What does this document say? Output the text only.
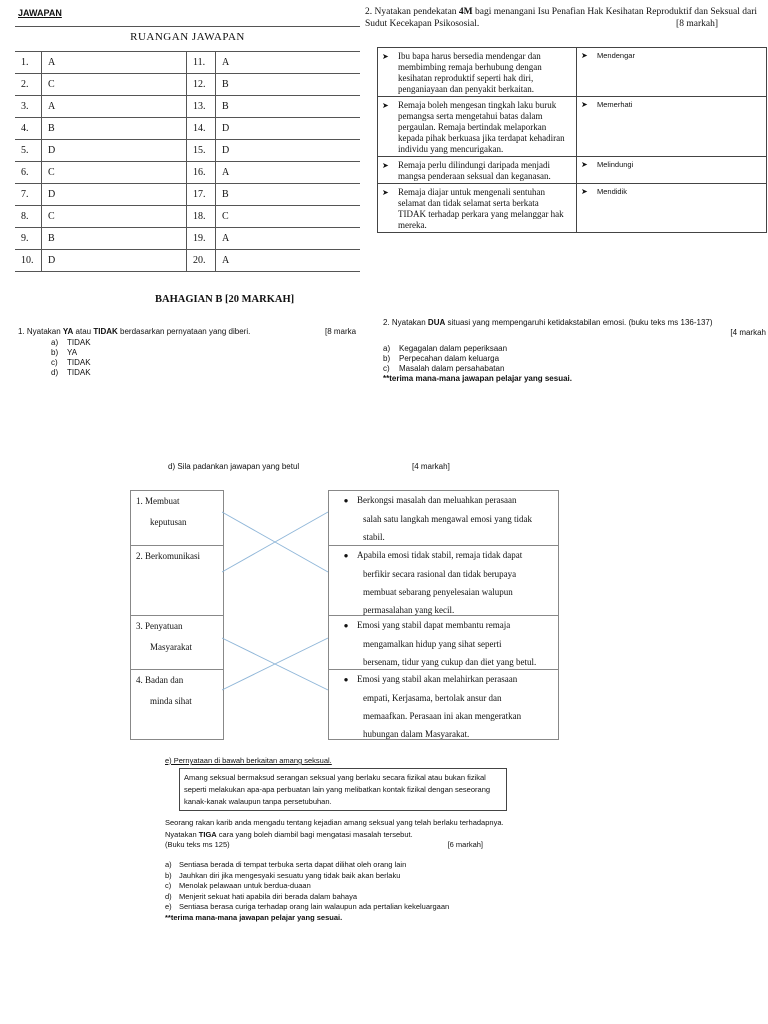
JAWAPAN
RUANGAN JAWAPAN
1.	A	11.	A
2.	C	12.	B
3.	A	13.	B
4.	B	14.	D
5.	D	15.	D
6.	C	16.	A
7.	D	17.	B
8.	C	18.	C
9.	B	19.	A
10.	D	20.	A
BAHAGIAN B [20 MARKAH]
1. Nyatakan YA atau TIDAK berdasarkan pernyataan yang diberi.	[8 marka
a) TIDAK
b) YA
c) TIDAK
d) TIDAK
2. Nyatakan pendekatan 4M bagi menangani Isu Penafian Hak Kesihatan Reproduktif dan Seksual dari Sudut Kecekapan Psikososial.	[8 markah]
➤ Ibu bapa harus bersedia mendengar dan membimbing remaja berhubung dengan kesihatan reproduktif seperti hak diri, penganiayaan dan penyakit berkaitan.	➤ Mendengar
➤ Remaja boleh mengesan tingkah laku buruk pemangsa serta mengetahui batas dalam pergaulan. Remaja bertindak melaporkan kepada pihak berkuasa jika terdapat kehadiran individu yang mencurigakan.	➤ Memerhati
➤ Remaja perlu dilindungi daripada menjadi mangsa penderaan seksual dan keganasan.	➤ Melindungi
➤ Remaja diajar untuk mengenali sentuhan selamat dan tidak selamat serta berkata TIDAK terhadap perkara yang melanggar hak mereka.	➤ Mendidik
2. Nyatakan DUA situasi yang mempengaruhi ketidakstabilan emosi. (buku teks ms 136-137)
[4 markah
a) Kegagalan dalam peperiksaan
b) Perpecahan dalam keluarga
c) Masalah dalam persahabatan
**terima mana-mana jawapan pelajar yang sesuai.
d) Sila padankan jawapan yang betul	[4 markah]
1. Membuat
keputusan
2. Berkomunikasi
3. Penyatuan
Masyarakat
4. Badan dan
minda sihat
● Berkongsi masalah dan meluahkan perasaan
salah satu langkah mengawal emosi yang tidak
stabil.
● Apabila emosi tidak stabil, remaja tidak dapat
berfikir secara rasional dan tidak berupaya
membuat sebarang penyelesaian walupun
permasalahan yang kecil.
● Emosi yang stabil dapat membantu remaja
mengamalkan hidup yang sihat seperti
bersenam, tidur yang cukup dan diet yang betul.
● Emosi yang stabil akan melahirkan perasaan
empati, Kerjasama, bertolak ansur dan
memaafkan. Perasaan ini akan mengeratkan
hubungan dalam Masyarakat.
e) Pernyataan di bawah berkaitan amang seksual.
Amang seksual bermaksud serangan seksual yang berlaku secara fizikal atau bukan fizikal seperti melakukan apa-apa perbuatan lain yang melibatkan kontak fizikal dengan seseorang kanak-kanak walaupun tanpa persetubuhan.
Seorang rakan karib anda mengadu tentang kejadian amang seksual yang telah berlaku terhadapnya. Nyatakan TIGA cara yang boleh diambil bagi mengatasi masalah tersebut.
(Buku teks ms 125)	[6 markah]
a) Sentiasa berada di tempat terbuka serta dapat dilihat oleh orang lain
b) Jauhkan diri jika mengesyaki sesuatu yang tidak baik akan berlaku
c) Menolak pelawaan untuk berdua-duaan
d) Menjerit sekuat hati apabila diri berada dalam bahaya
e) Sentiasa berasa curiga terhadap orang lain walaupun ada pertalian kekeluargaan
**terima mana-mana jawapan pelajar yang sesuai.
